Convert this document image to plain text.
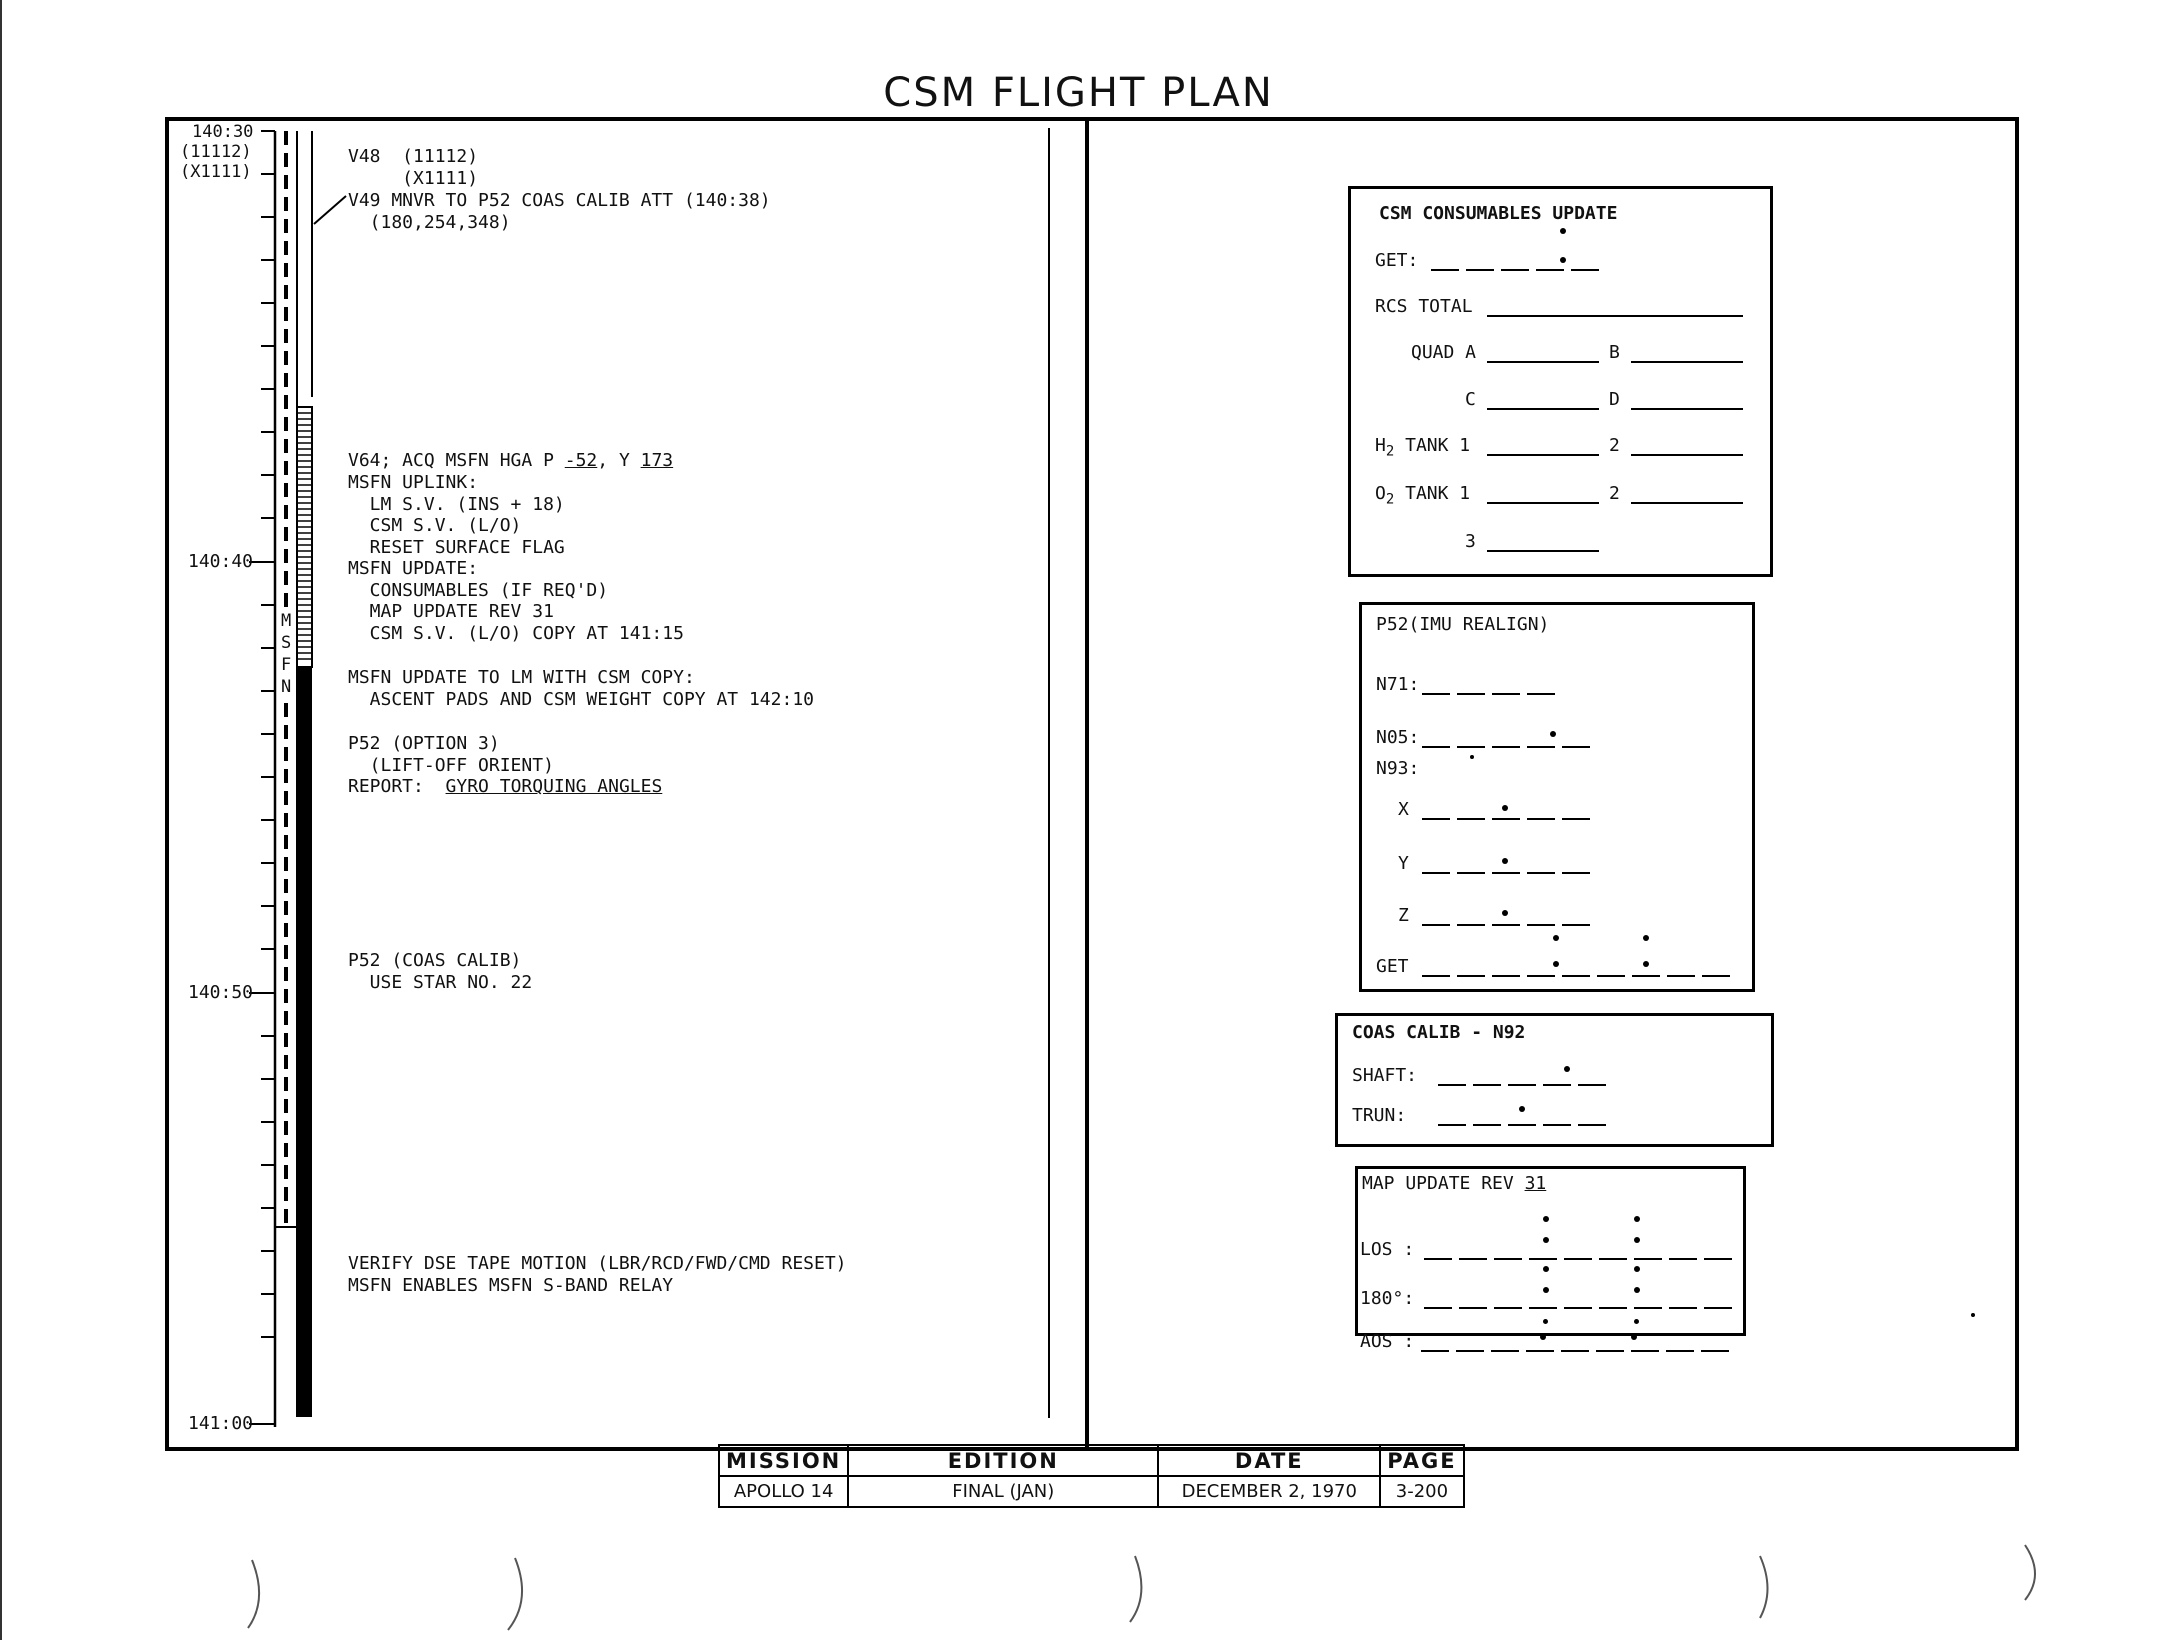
CSM FLIGHT PLAN
140:30
(11112)
(X1111)
140:40
140:50
141:00
M
S
F
N
V48  (11112)
(X1111)
V49 MNVR TO P52 COAS CALIB ATT (140:38)
(180,254,348)
V64; ACQ MSFN HGA P -52, Y 173
MSFN UPLINK:
LM S.V. (INS + 18)
CSM S.V. (L/O)
RESET SURFACE FLAG
MSFN UPDATE:
CONSUMABLES (IF REQ'D)
MAP UPDATE REV 31
CSM S.V. (L/O) COPY AT 141:15
MSFN UPDATE TO LM WITH CSM COPY:
ASCENT PADS AND CSM WEIGHT COPY AT 142:10
P52 (OPTION 3)
(LIFT-OFF ORIENT)
REPORT:  GYRO TORQUING ANGLES
P52 (COAS CALIB)
USE STAR NO. 22
VERIFY DSE TAPE MOTION (LBR/RCD/FWD/CMD RESET)
MSFN ENABLES MSFN S-BAND RELAY
CSM CONSUMABLES UPDATE
GET:
RCS TOTAL
QUAD A	B
C	D
$H_2$ TANK 1	2
$O_2$ TANK 1	2
3
P52(IMU REALIGN)
N71:
N05:
N93:
X
Y
Z
GET
COAS CALIB - N92
SHAFT:
TRUN:
MAP UPDATE REV 31
LOS :
180°:
AOS :
MISSION	EDITION	DATE	PAGE
APOLLO 14	FINAL (JAN)	DECEMBER 2, 1970	3-200
